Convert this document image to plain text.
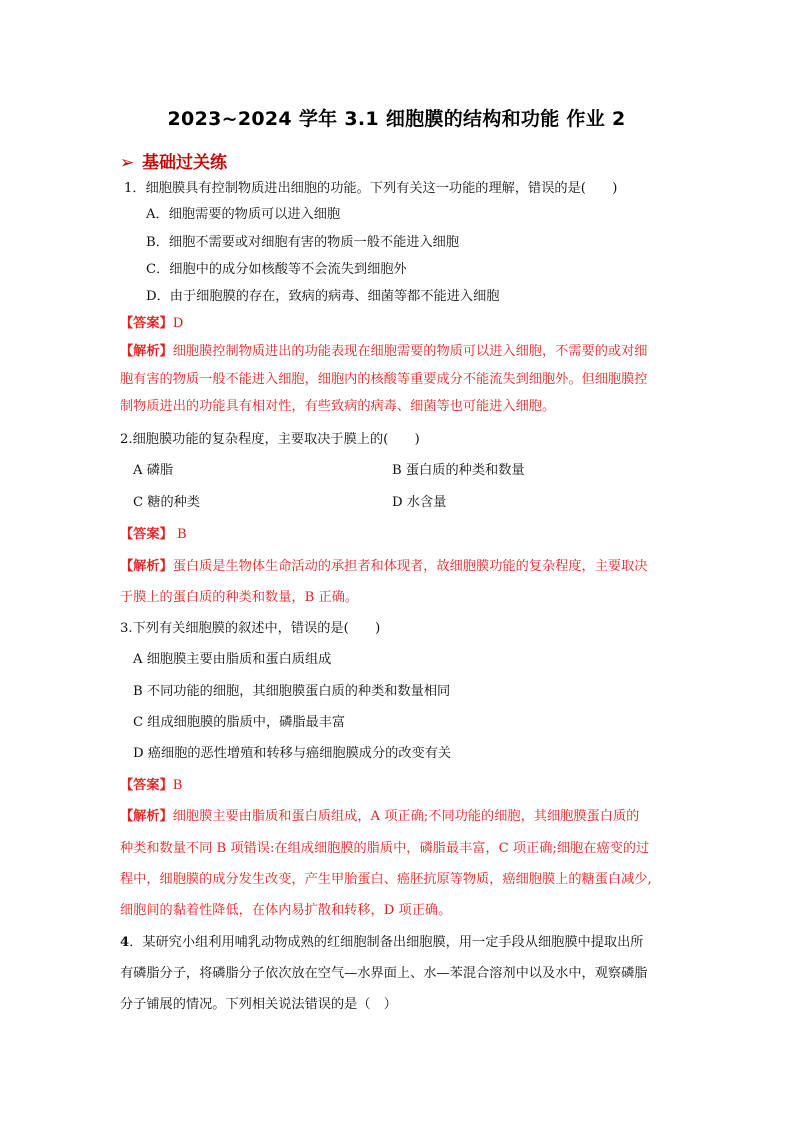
2023~2024 学年 3.1 细胞膜的结构和功能 作业 2
➢ 基础过关练
1．细胞膜具有控制物质进出细胞的功能。下列有关这一功能的理解，错误的是(　　)
A．细胞需要的物质可以进入细胞
B．细胞不需要或对细胞有害的物质一般不能进入细胞
C．细胞中的成分如核酸等不会流失到细胞外
D．由于细胞膜的存在，致病的病毒、细菌等都不能进入细胞
【答案】D
【解析】细胞膜控制物质进出的功能表现在细胞需要的物质可以进入细胞，不需要的或对细
胞有害的物质一般不能进入细胞，细胞内的核酸等重要成分不能流失到细胞外。但细胞膜控
制物质进出的功能具有相对性，有些致病的病毒、细菌等也可能进入细胞。
2.细胞膜功能的复杂程度，主要取决于膜上的(　　)
A 磷脂	B 蛋白质的种类和数量
C 糖的种类	D 水含量
【答案】 B
【解析】蛋白质是生物体生命活动的承担者和体现者，故细胞膜功能的复杂程度，主要取决
于膜上的蛋白质的种类和数量，B 正确。
3.下列有关细胞膜的叙述中，错误的是(　　)
A 细胞膜主要由脂质和蛋白质组成
B 不同功能的细胞，其细胞膜蛋白质的种类和数量相同
C 组成细胞膜的脂质中，磷脂最丰富
D 癌细胞的恶性增殖和转移与癌细胞膜成分的改变有关
【答案】B
【解析】细胞膜主要由脂质和蛋白质组成，A 项正确;不同功能的细胞，其细胞膜蛋白质的
种类和数量不同 B 项错误:在组成细胞膜的脂质中，磷脂最丰富，C 项正确;细胞在癌变的过
程中，细胞膜的成分发生改变，产生甲胎蛋白、癌胚抗原等物质，癌细胞膜上的糖蛋白减少,
细胞间的黏着性降低，在体内易扩散和转移，D 项正确。
4．某研究小组利用哺乳动物成熟的红细胞制备出细胞膜，用一定手段从细胞膜中提取出所
有磷脂分子，将磷脂分子依次放在空气—水界面上、水—苯混合溶剂中以及水中，观察磷脂
分子铺展的情况。下列相关说法错误的是（　）
